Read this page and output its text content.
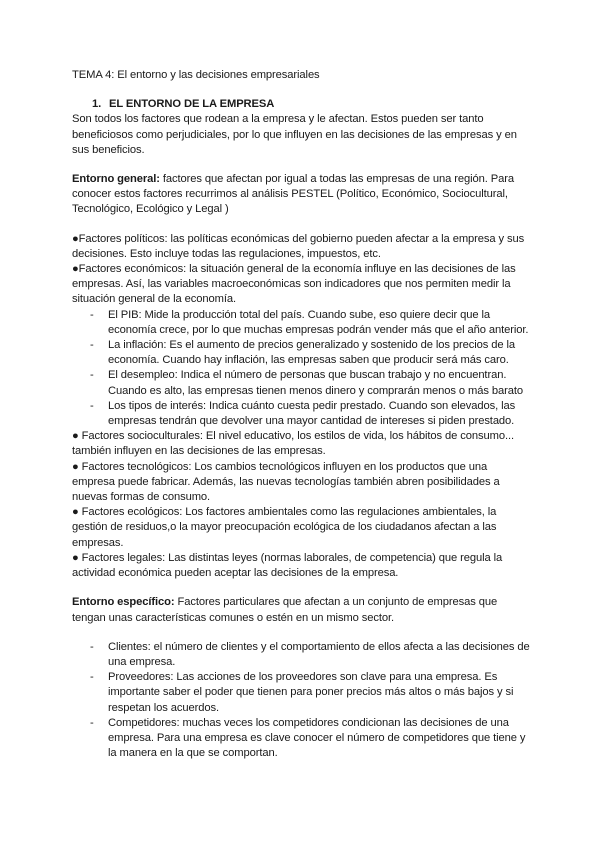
TEMA 4: El entorno y las decisiones empresariales

1. EL ENTORNO DE LA EMPRESA

Son todos los factores que rodean a la empresa y le afectan. Estos pueden ser tanto beneficiosos como perjudiciales, por lo que influyen en las decisiones de las empresas y en sus beneficios.

Entorno general: factores que afectan por igual a todas las empresas de una región. Para conocer estos factores recurrimos al análisis PESTEL (Político, Económico, Sociocultural, Tecnológico, Ecológico y Legal )

●Factores políticos: las políticas económicas del gobierno pueden afectar a la empresa y sus decisiones. Esto incluye todas las regulaciones, impuestos, etc.

●Factores económicos: la situación general de la economía influye en las decisiones de las empresas. Así, las variables macroeconómicas son indicadores que nos permiten medir la situación general de la economía.

- El PIB: Mide la producción total del país. Cuando sube, eso quiere decir que la economía crece, por lo que muchas empresas podrán vender más que el año anterior.
- La inflación: Es el aumento de precios generalizado y sostenido de los precios de la economía. Cuando hay inflación, las empresas saben que producir será más caro.
- El desempleo: Indica el número de personas que buscan trabajo y no encuentran. Cuando es alto, las empresas tienen menos dinero y comprarán menos o más barato
- Los tipos de interés: Indica cuánto cuesta pedir prestado. Cuando son elevados, las empresas tendrán que devolver una mayor cantidad de intereses si piden prestado.

● Factores socioculturales: El nivel educativo, los estilos de vida, los hábitos de consumo... también influyen en las decisiones de las empresas.

● Factores tecnológicos: Los cambios tecnológicos influyen en los productos que una empresa puede fabricar. Además, las nuevas tecnologías también abren posibilidades a nuevas formas de consumo.

● Factores ecológicos: Los factores ambientales como las regulaciones ambientales, la gestión de residuos,o la mayor preocupación ecológica de los ciudadanos afectan a las empresas.

● Factores legales: Las distintas leyes (normas laborales, de competencia) que regula la actividad económica pueden aceptar las decisiones de la empresa.

Entorno específico: Factores particulares que afectan a un conjunto de empresas que tengan unas características comunes o estén en un mismo sector.

- Clientes: el número de clientes y el comportamiento de ellos afecta a las decisiones de una empresa.
- Proveedores: Las acciones de los proveedores son clave para una empresa. Es importante saber el poder que tienen para poner precios más altos o más bajos y si respetan los acuerdos.
- Competidores: muchas veces los competidores condicionan las decisiones de una empresa. Para una empresa es clave conocer el número de competidores que tiene y la manera en la que se comportan.
